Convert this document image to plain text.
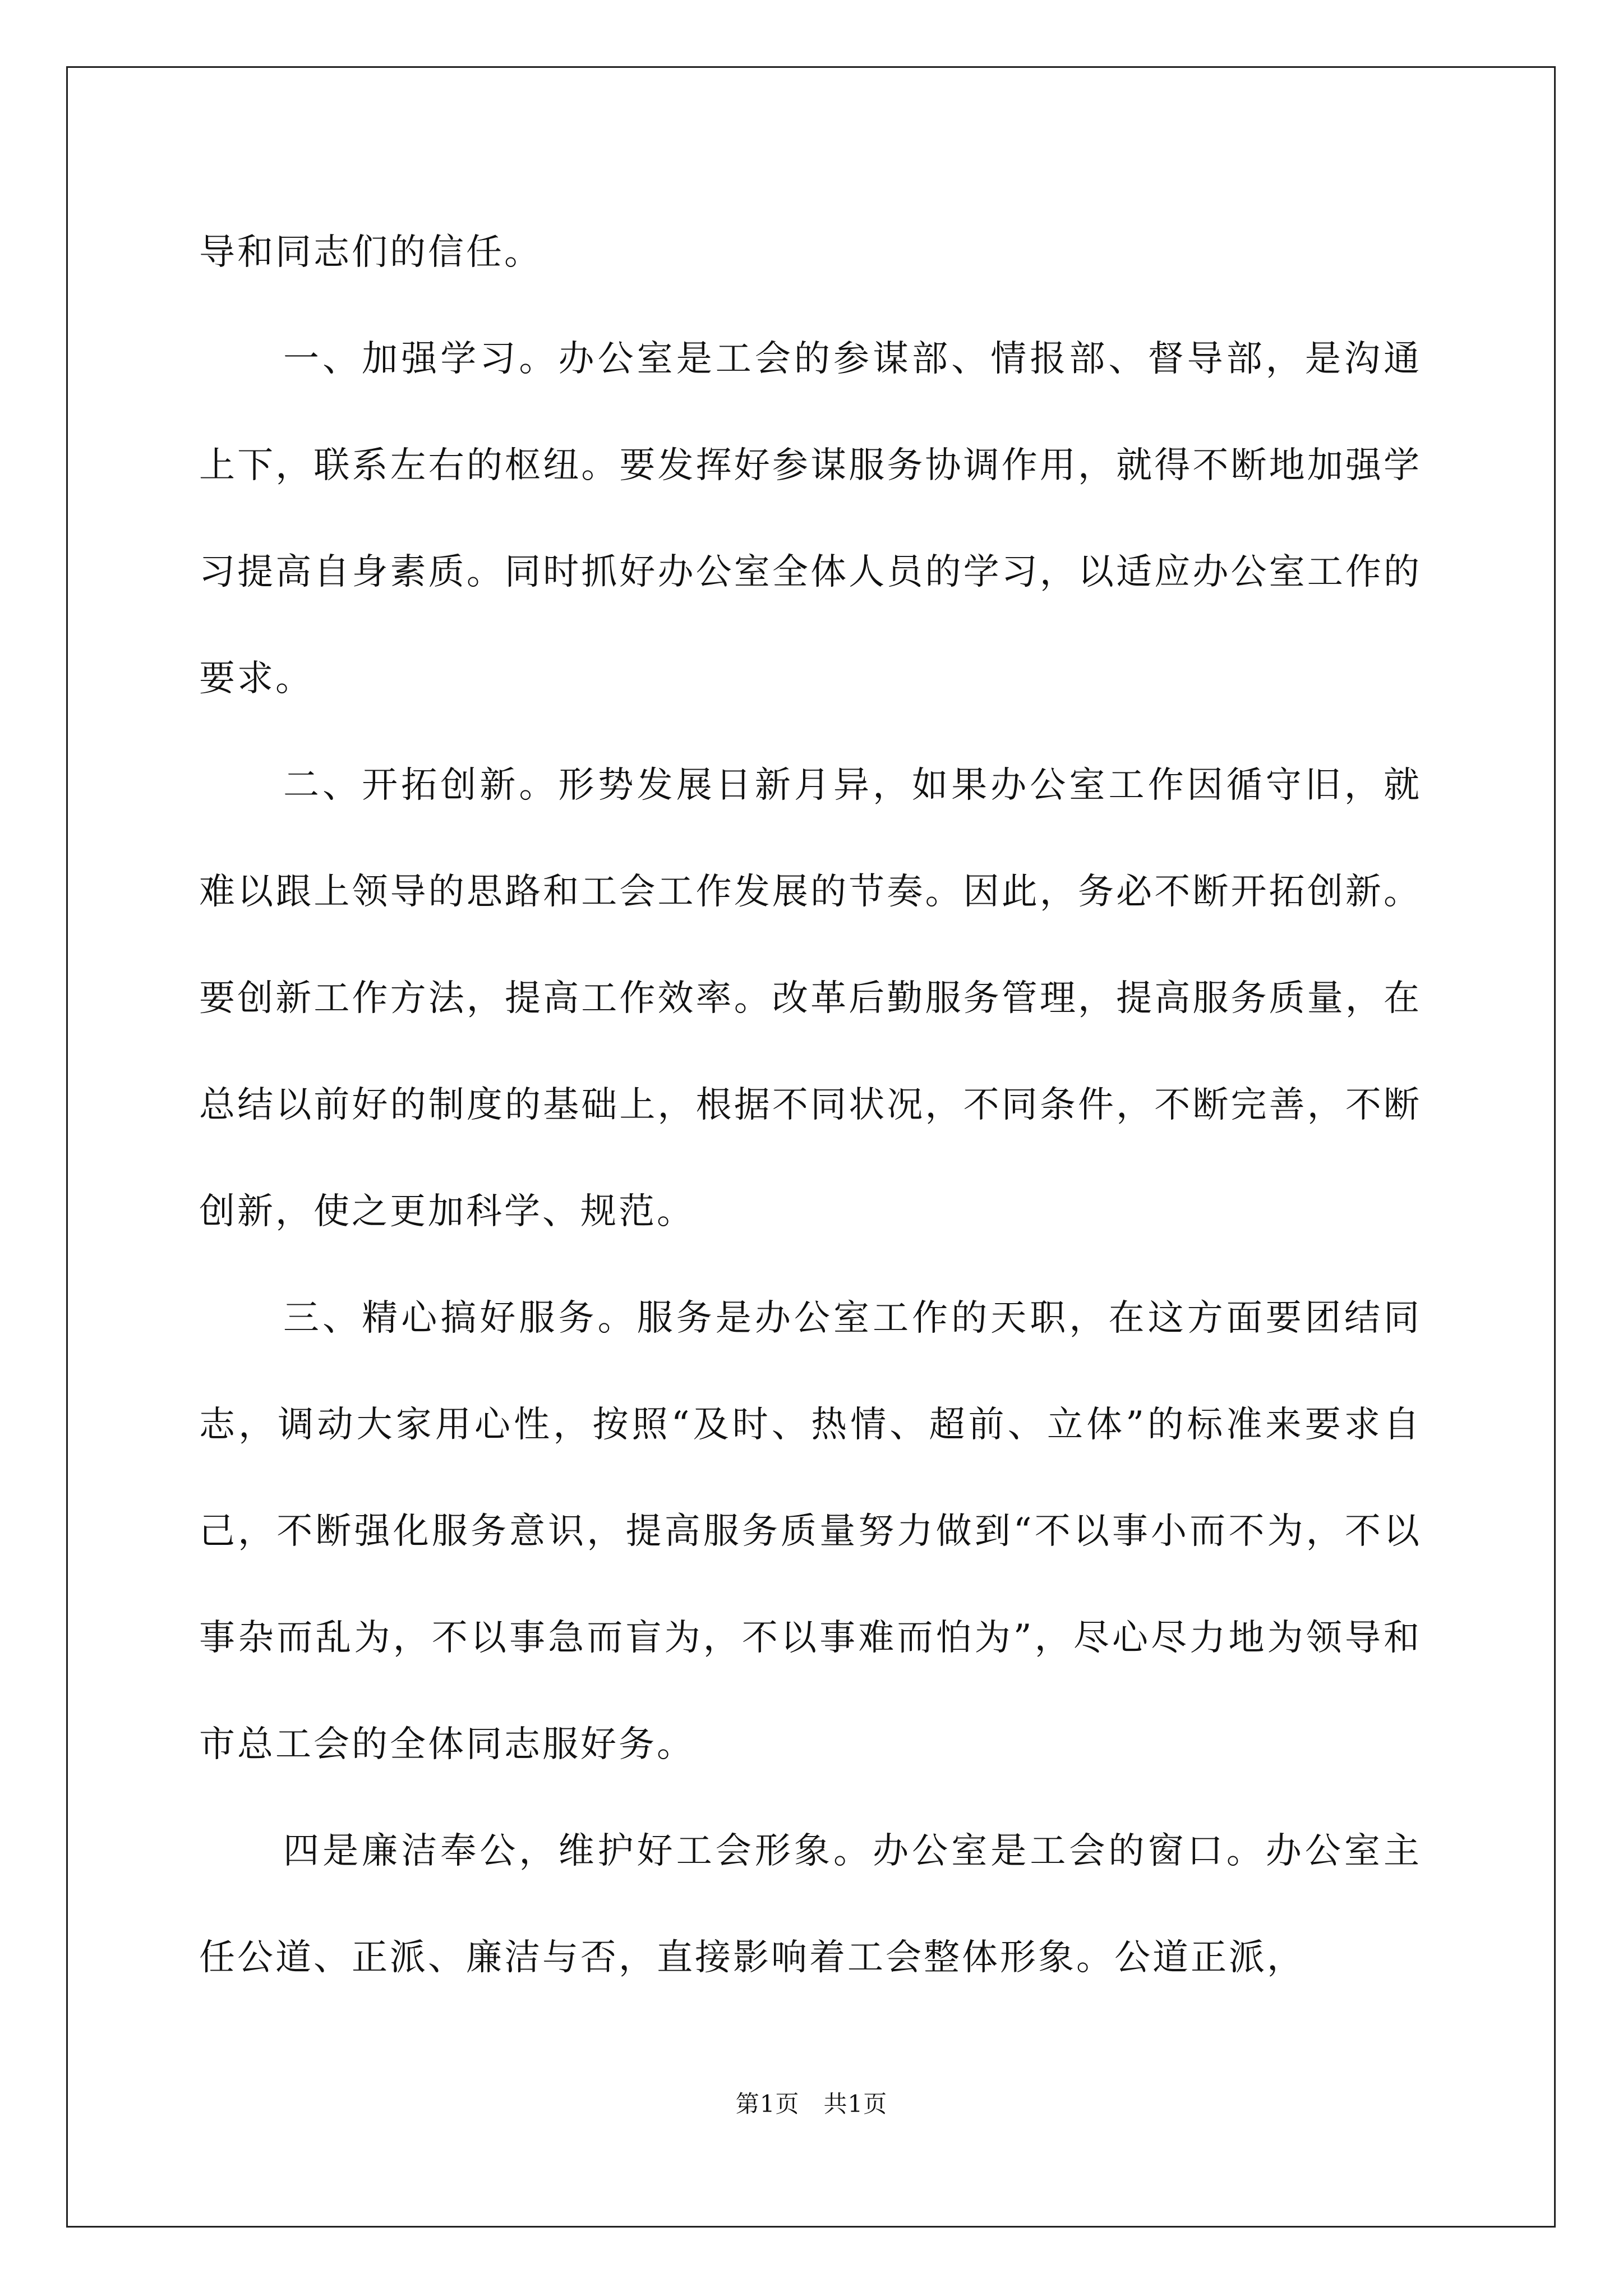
导和同志们的信任。

一、加强学习。办公室是工会的参谋部、情报部、督导部，是沟通上下，联系左右的枢纽。要发挥好参谋服务协调作用，就得不断地加强学习提高自身素质。同时抓好办公室全体人员的学习，以适应办公室工作的要求。

二、开拓创新。形势发展日新月异，如果办公室工作因循守旧，就难以跟上领导的思路和工会工作发展的节奏。因此，务必不断开拓创新。要创新工作方法，提高工作效率。改革后勤服务管理，提高服务质量，在总结以前好的制度的基础上，根据不同状况，不同条件，不断完善，不断创新，使之更加科学、规范。

三、精心搞好服务。服务是办公室工作的天职，在这方面要团结同志，调动大家用心性，按照“及时、热情、超前、立体”的标准来要求自己，不断强化服务意识，提高服务质量努力做到“不以事小而不为，不以事杂而乱为，不以事急而盲为，不以事难而怕为”，尽心尽力地为领导和市总工会的全体同志服好务。

四是廉洁奉公，维护好工会形象。办公室是工会的窗口。办公室主任公道、正派、廉洁与否，直接影响着工会整体形象。公道正派，

第1页　共1页
